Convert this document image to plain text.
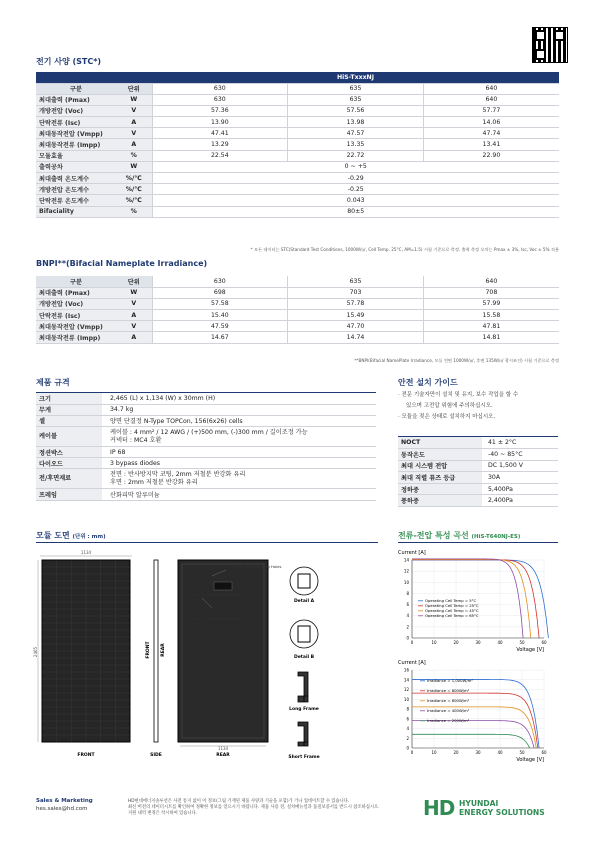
전기 사양 (STC*)
		HiS-TxxxNJ		
구분	단위	630	635	640
최대출력 (Pmax)	W	630	635	640
개방전압 (Voc)	V	57.36	57.56	57.77
단락전류 (Isc)	A	13.90	13.98	14.06
최대동작전압 (Vmpp)	V	47.41	47.57	47.74
최대동작전류 (Impp)	A	13.29	13.35	13.41
모듈효율	%	22.54	22.72	22.90
출력공차	W	0 ~ +5		
최대출력 온도계수	%/℃	-0.29		
개방전압 온도계수	%/℃	-0.25		
단락전류 온도계수	%/℃	0.043		
Bifaciality	%	80±5		
* 모든 데이터는 STC(Standard Test Conditions, 1000W/㎡, Cell Temp. 25°C, AM=1.5) 시험 기준으로 측정. 출력 측정 오차는 Pmax ± 3%, Isc, Voc ± 5% 적용
BNPI**(Bifacial Nameplate Irradiance)
구분	단위	630	635	640
최대출력 (Pmax)	W	698	703	708
개방전압 (Voc)	V	57.58	57.78	57.99
단락전류 (Isc)	A	15.40	15.49	15.58
최대동작전압 (Vmpp)	V	47.59	47.70	47.81
최대동작전류 (Impp)	A	14.67	14.74	14.81
**BNPI(Bifacial NamePlate Irradiance, 모듈 전면 1000W/㎡, 후면 135W/㎡ 광시조건) 시험 기준으로 측정
제품 규격
크기	2,465 (L) x 1,134 (W) x 30mm (H)

무게	34.7 kg

셀	양면 단결정 N-Type TOPCon, 156(6x26) cells

케이블	케이블 : 4 mm² / 12 AWG / (+)500 mm, (-)300 mm / 길이조정 가능
커넥터 : MC4 호환

정션박스	IP 68

다이오드	3 bypass diodes

전/후면재료	전면 : 반사방지막 코팅, 2mm 저철분 반강화 유리
후면 : 2mm 저철분 반강화 유리

프레임	산화피막 알루미늄
안전 설치 가이드
· 전문 기술자만이 설치 및 유지, 보수 작업을 할 수
있으며 고전압 위험에 주의하십시오.
· 모듈을 젖은 상태로 설치하지 마십시오.
NOCT	41 ± 2°C
동작온도	-40 ~ 85°C
최대 시스템 전압	DC 1,500 V
최대 직렬 퓨즈 등급	30A
정하중	5,400Pa
풍하중	2,400Pa
모듈 도면 (단위 : mm)
1134
2465
FRONT	SIDE
FRONT REAR
1134
REAR
4 - Ø 9 X 14 Grounding Holes
8 - Ø 9 X 14 Mounting Holes
4 - Ø 7 X 10 Mounting Holes
Detail A
Detail B
Long Frame
Short Frame
전류-전압 특성 곡선 (HiS-T640NJ-ES)
Current [A]
0	10	20	30	40	50	60
0
2
4
6
8
10
12
14
Voltage [V]
Operating Cell Temp = 5°C
Operating Cell Temp = 25°C
Operating Cell Temp = 45°C
Operating Cell Temp = 65°C
Current [A]
0	10	20	30	40	50	60
0
2
4
6
8
10
12
14
16
Voltage [V]
Irradiance = 1,000W/m²
Irradiance = 800W/m²
Irradiance = 600W/m²
Irradiance = 400W/m²
Irradiance = 200W/m²
Sales & Marketing
hes.sales@hd.com
HD현대에너지솔루션은 사전 통지 없이 이 정보(그림 기재된 제품 사양과 기술을 포함)가 거나 업데이트할 수 있습니다.
최신 버전의 데이터시트를 확인하여 정확한 정보를 얻으시기 바랍니다. 제품 사용 전, 설치매뉴얼과 품질보증서를 반드시 참조하십시오.
지원 내역 변경은 착시하여 있습니다.	HD HYUNDAI
ENERGY SOLUTIONS
